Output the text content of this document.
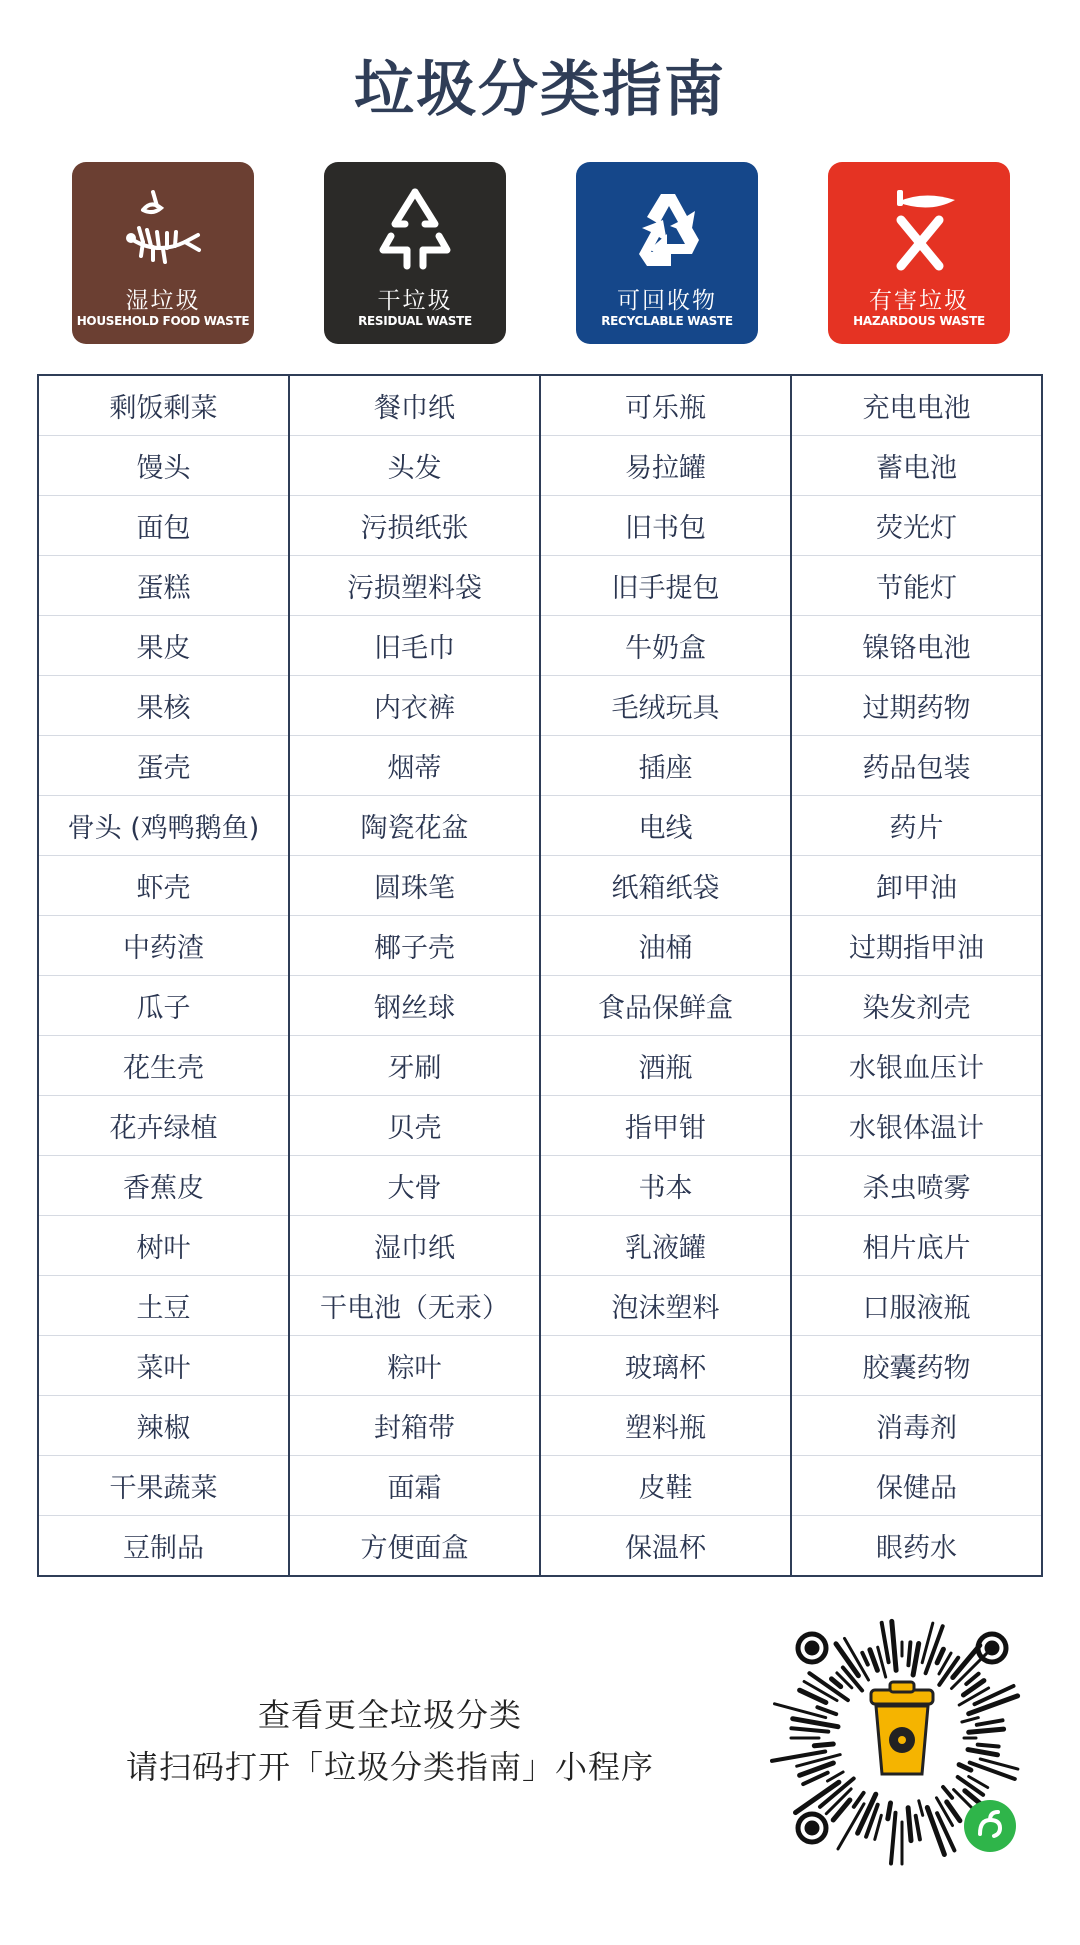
垃圾分类指南
湿垃圾
HOUSEHOLD FOOD WASTE
干垃圾
RESIDUAL WASTE
可回收物
RECYCLABLE WASTE
有害垃圾
HAZARDOUS WASTE
剩饭剩菜	餐巾纸	可乐瓶	充电电池
馒头	头发	易拉罐	蓄电池
面包	污损纸张	旧书包	荧光灯
蛋糕	污损塑料袋	旧手提包	节能灯
果皮	旧毛巾	牛奶盒	镍铬电池
果核	内衣裤	毛绒玩具	过期药物
蛋壳	烟蒂	插座	药品包装
骨头 (鸡鸭鹅鱼)	陶瓷花盆	电线	药片
虾壳	圆珠笔	纸箱纸袋	卸甲油
中药渣	椰子壳	油桶	过期指甲油
瓜子	钢丝球	食品保鲜盒	染发剂壳
花生壳	牙刷	酒瓶	水银血压计
花卉绿植	贝壳	指甲钳	水银体温计
香蕉皮	大骨	书本	杀虫喷雾
树叶	湿巾纸	乳液罐	相片底片
土豆	干电池（无汞）	泡沫塑料	口服液瓶
菜叶	粽叶	玻璃杯	胶囊药物
辣椒	封箱带	塑料瓶	消毒剂
干果蔬菜	面霜	皮鞋	保健品
豆制品	方便面盒	保温杯	眼药水
查看更全垃圾分类
请扫码打开「垃圾分类指南」小程序
